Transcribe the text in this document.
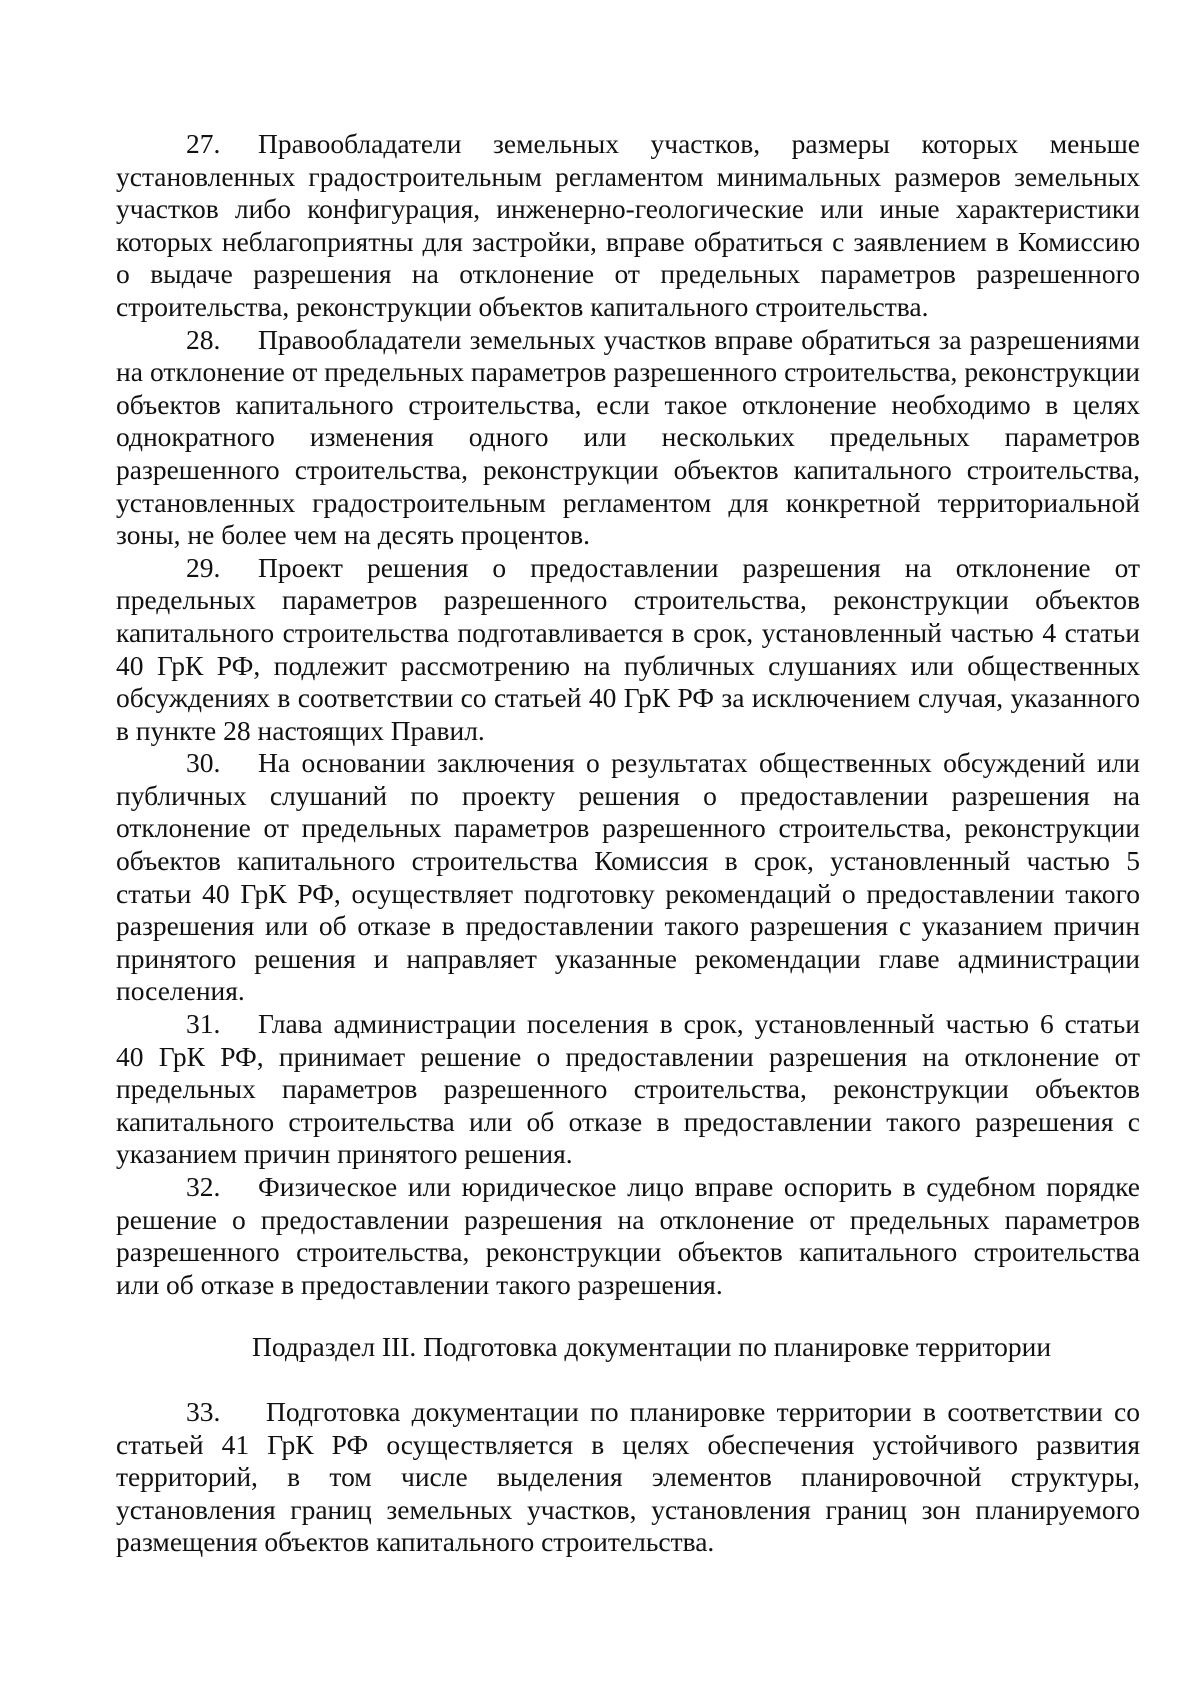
27. Правообладатели земельных участков, размеры которых меньше установленных градостроительным регламентом минимальных размеров земельных участков либо конфигурация, инженерно-геологические или иные характеристики которых неблагоприятны для застройки, вправе обратиться с заявлением в Комиссию о выдаче разрешения на отклонение от предельных параметров разрешенного строительства, реконструкции объектов капитального строительства.

28. Правообладатели земельных участков вправе обратиться за разрешениями на отклонение от предельных параметров разрешенного строительства, реконструкции объектов капитального строительства, если такое отклонение необходимо в целях однократного изменения одного или нескольких предельных параметров разрешенного строительства, реконструкции объектов капитального строительства, установленных градостроительным регламентом для конкретной территориальной зоны, не более чем на десять процентов.

29. Проект решения о предоставлении разрешения на отклонение от предельных параметров разрешенного строительства, реконструкции объектов капитального строительства подготавливается в срок, установленный частью 4 статьи 40 ГрК РФ, подлежит рассмотрению на публичных слушаниях или общественных обсуждениях в соответствии со статьей 40 ГрК РФ за исключением случая, указанного в пункте 28 настоящих Правил.

30. На основании заключения о результатах общественных обсуждений или публичных слушаний по проекту решения о предоставлении разрешения на отклонение от предельных параметров разрешенного строительства, реконструкции объектов капитального строительства Комиссия в срок, установленный частью 5 статьи 40 ГрК РФ, осуществляет подготовку рекомендаций о предоставлении такого разрешения или об отказе в предоставлении такого разрешения с указанием причин принятого решения и направляет указанные рекомендации главе администрации поселения.

31. Глава администрации поселения в срок, установленный частью 6 статьи 40 ГрК РФ, принимает решение о предоставлении разрешения на отклонение от предельных параметров разрешенного строительства, реконструкции объектов капитального строительства или об отказе в предоставлении такого разрешения с указанием причин принятого решения.

32. Физическое или юридическое лицо вправе оспорить в судебном порядке решение о предоставлении разрешения на отклонение от предельных параметров разрешенного строительства, реконструкции объектов капитального строительства или об отказе в предоставлении такого разрешения.

Подраздел III. Подготовка документации по планировке территории

33. Подготовка документации по планировке территории в соответствии со статьей 41 ГрК РФ осуществляется в целях обеспечения устойчивого развития территорий, в том числе выделения элементов планировочной структуры, установления границ земельных участков, установления границ зон планируемого размещения объектов капитального строительства.
